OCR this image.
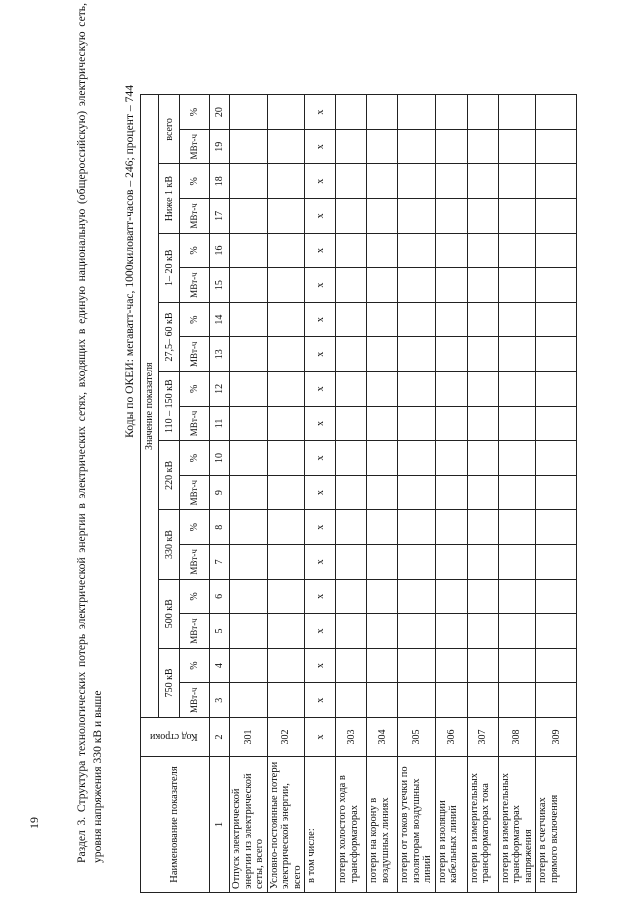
19	Раздел 3. Структура технологических потерь электрической энергии в электрических сетях, входящих в единую национальную (общероссийскую) электрическую сеть, уровня напряжения 330 кВ и выше
Коды по ОКЕИ: мегаватт-час, 1000киловатт-часов – 246; процент – 744
Наименование показателя	Код строки	Значение показателя																	
		750 кВ		500 кВ		330 кВ		220 кВ		110 – 150 кВ		27,5– 60 кВ		1– 20 кВ		Ниже 1 кВ		всего	
		МВт-ч	%	МВт-ч	%	МВт-ч	%	МВт-ч	%	МВт-ч	%	МВт-ч	%	МВт-ч	%	МВт-ч	%	МВт-ч	%
1	2	3	4	5	6	7	8	9	10	11	12	13	14	15	16	17	18	19	20
Отпуск электрической энергии из электрической сеты, всего	301																		
Условно-постоянные потери электрической энергии, всего	302																		
в том числе:	x	x	x	x	x	x	x	x	x	x	x	x	x	x	x	x	x	x	x
потери холостого хода в трансформаторах	303																		
потери на корону в воздушных линиях	304																		
потери от токов утечки по изоляторам воздушных линий	305																		
потери в изоляции кабельных линий	306																		
потери в измерительных трансформаторах тока	307																		
потери в измерительных трансформаторах напряжения	308																		
потери в счетчиках прямого включения	309																		
